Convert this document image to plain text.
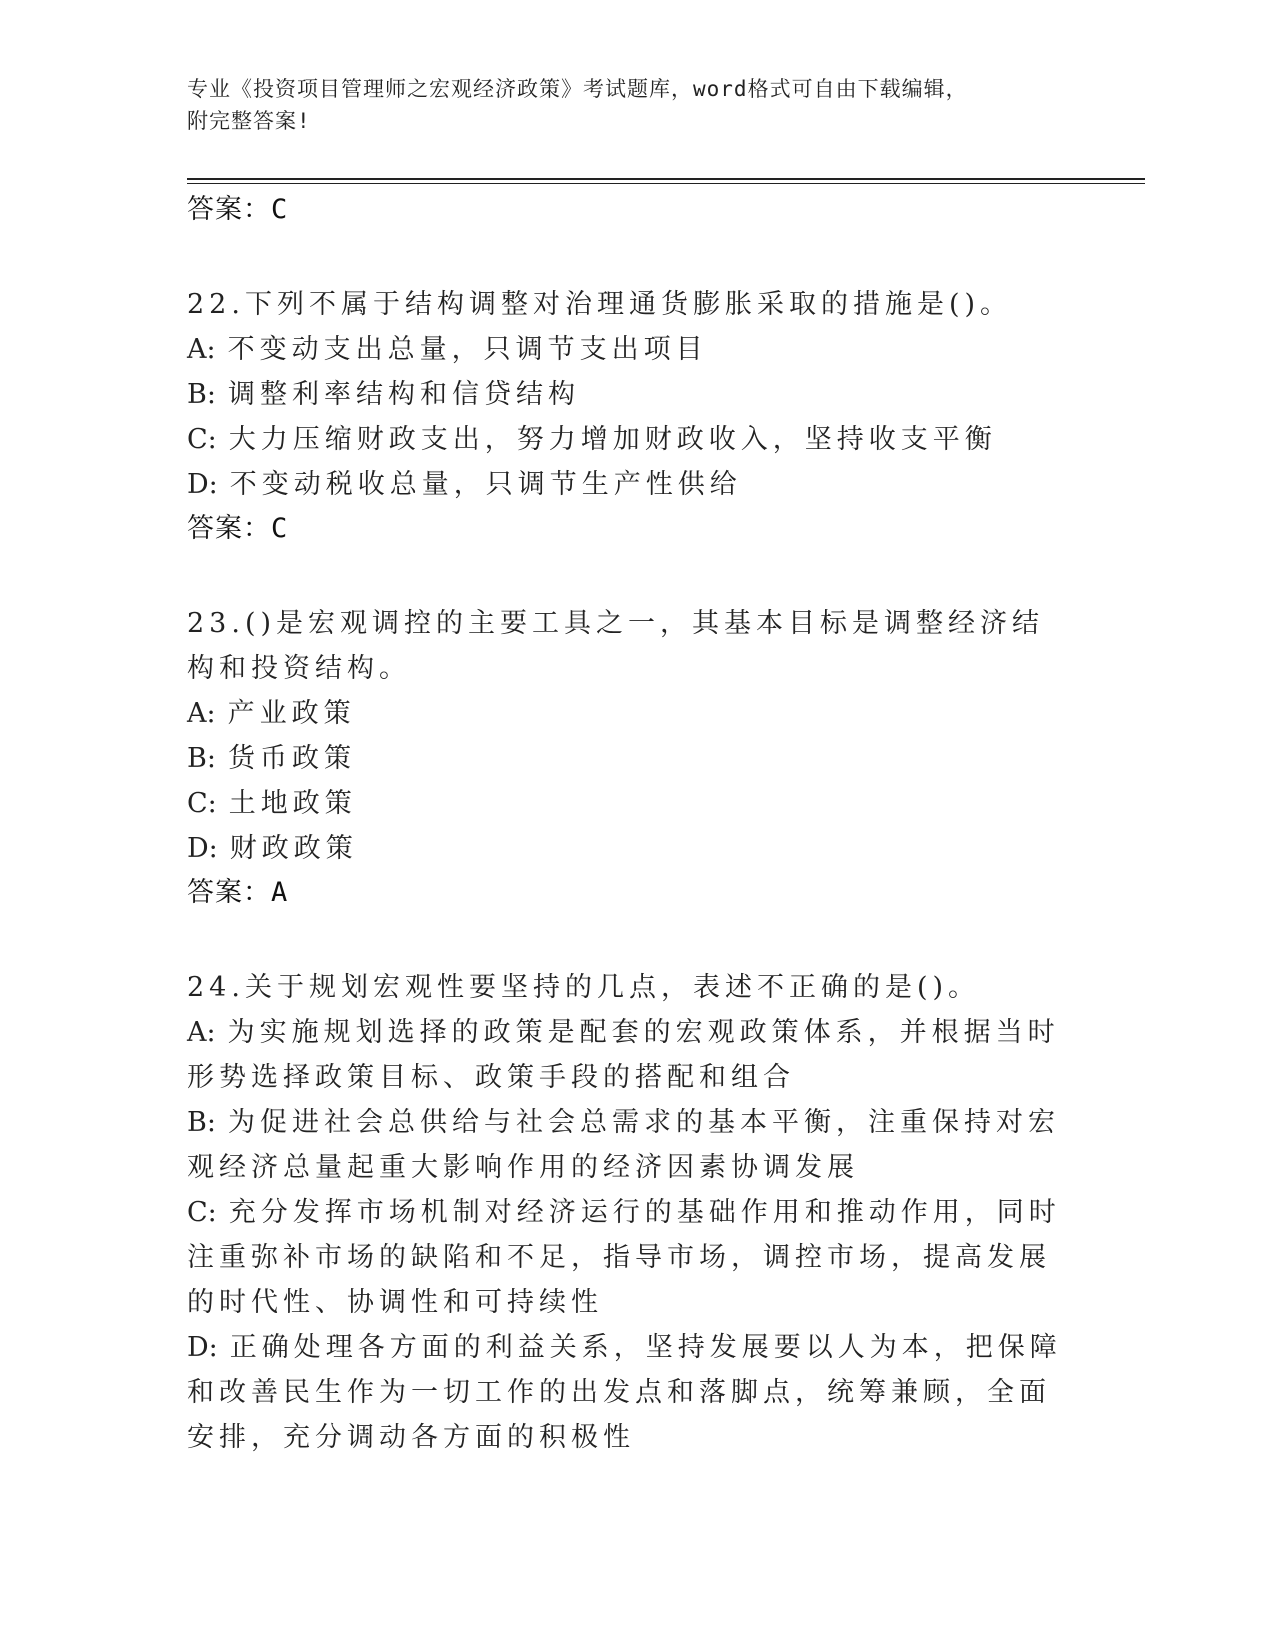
专业《投资项目管理师之宏观经济政策》考试题库，word格式可自由下载编辑，
附完整答案!
答案：C
22.下列不属于结构调整对治理通货膨胀采取的措施是()。
A: 不变动支出总量，只调节支出项目
B: 调整利率结构和信贷结构
C: 大力压缩财政支出，努力增加财政收入，坚持收支平衡
D: 不变动税收总量，只调节生产性供给
答案：C
23.()是宏观调控的主要工具之一，其基本目标是调整经济结构和投资结构。
A: 产业政策
B: 货币政策
C: 土地政策
D: 财政政策
答案：A
24.关于规划宏观性要坚持的几点，表述不正确的是()。
A: 为实施规划选择的政策是配套的宏观政策体系，并根据当时形势选择政策目标、政策手段的搭配和组合
B: 为促进社会总供给与社会总需求的基本平衡，注重保持对宏观经济总量起重大影响作用的经济因素协调发展
C: 充分发挥市场机制对经济运行的基础作用和推动作用，同时注重弥补市场的缺陷和不足，指导市场，调控市场，提高发展的时代性、协调性和可持续性
D: 正确处理各方面的利益关系，坚持发展要以人为本，把保障和改善民生作为一切工作的出发点和落脚点，统筹兼顾，全面安排，充分调动各方面的积极性
